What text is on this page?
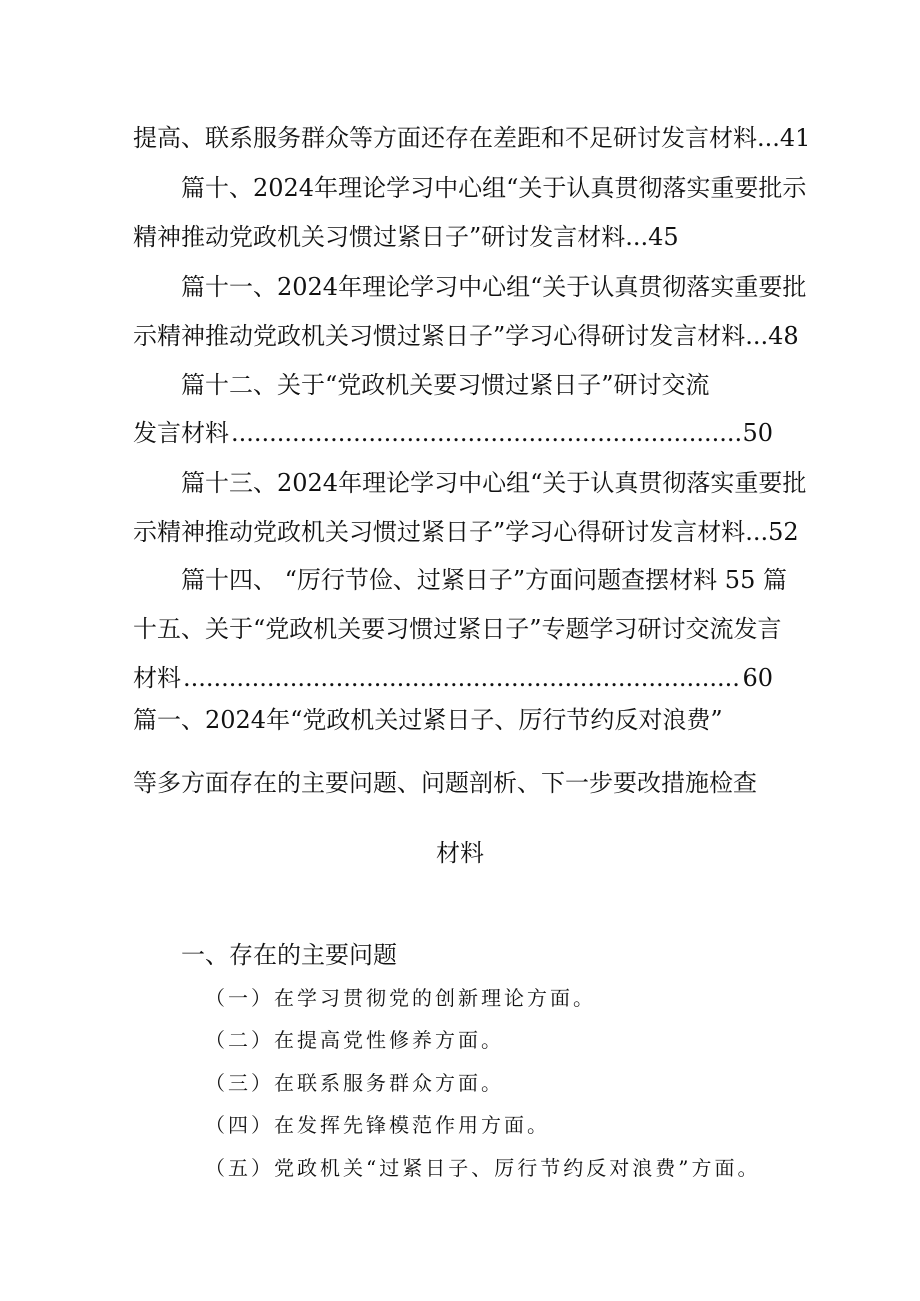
提高、联系服务群众等方面还存在差距和不足研讨发言材料...41
篇十、2024年理论学习中心组“关于认真贯彻落实重要批示
精神推动党政机关习惯过紧日子”研讨发言材料...45
篇十一、2024年理论学习中心组“关于认真贯彻落实重要批
示精神推动党政机关习惯过紧日子”学习心得研讨发言材料...48
篇十二、关于“党政机关要习惯过紧日子”研讨交流
发言材料 .....	50
篇十三、2024年理论学习中心组“关于认真贯彻落实重要批
示精神推动党政机关习惯过紧日子”学习心得研讨发言材料...52
篇十四、 “厉行节俭、过紧日子”方面问题查摆材料 55 篇
十五、关于“党政机关要习惯过紧日子”专题学习研讨交流发言
材料 .....	60
篇一、2024年“党政机关过紧日子、厉行节约反对浪费”
等多方面存在的主要问题、问题剖析、下一步要改措施检查
材料
一、存在的主要问题
（一）在学习贯彻党的创新理论方面。
（二）在提高党性修养方面。
（三）在联系服务群众方面。
（四）在发挥先锋模范作用方面。
（五）党政机关“过紧日子、厉行节约反对浪费”方面。
